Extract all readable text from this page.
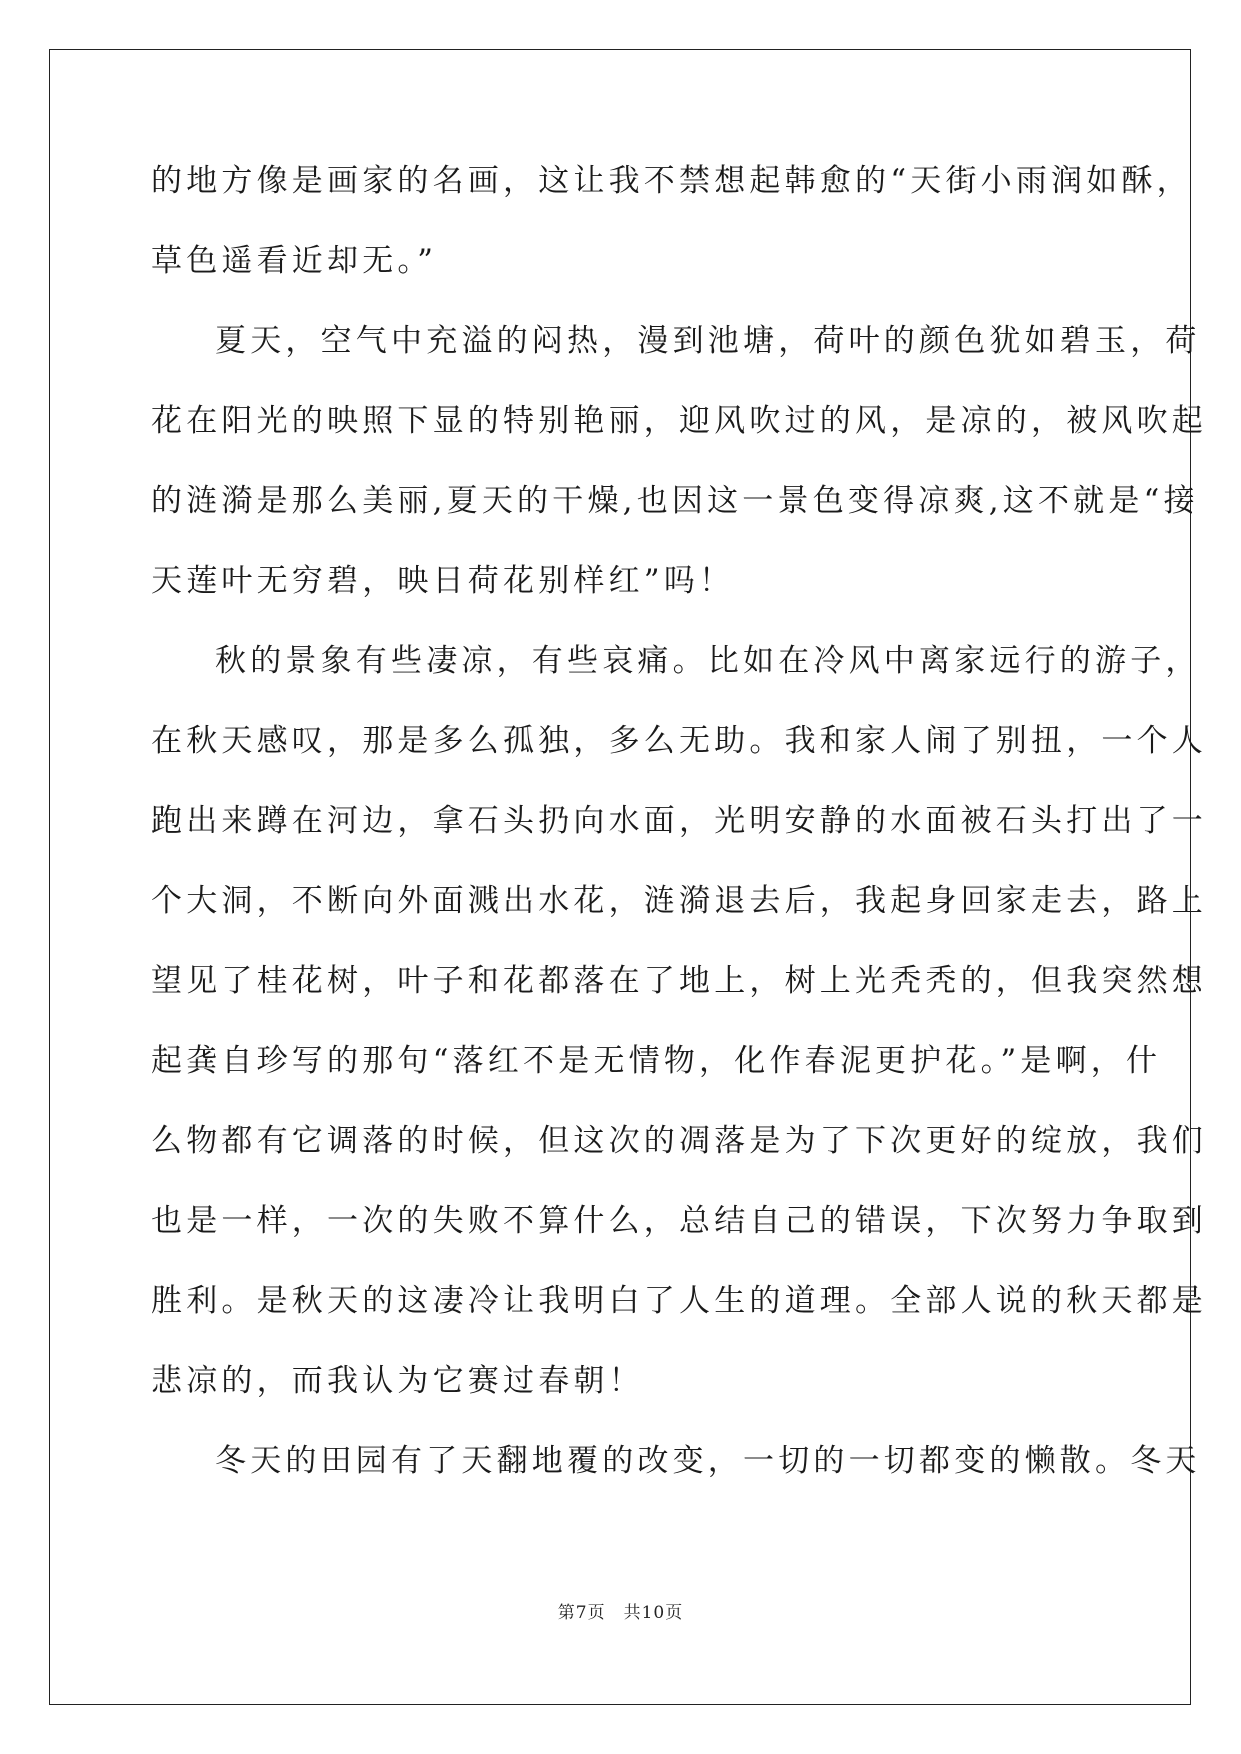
的地方像是画家的名画，这让我不禁想起韩愈的“天街小雨润如酥，
草色遥看近却无。”
夏天，空气中充溢的闷热，漫到池塘，荷叶的颜色犹如碧玉，荷
花在阳光的映照下显的特别艳丽，迎风吹过的风，是凉的，被风吹起
的涟漪是那么美丽,夏天的干燥,也因这一景色变得凉爽,这不就是“接
天莲叶无穷碧，映日荷花别样红”吗！
秋的景象有些凄凉，有些哀痛。比如在冷风中离家远行的游子，
在秋天感叹，那是多么孤独，多么无助。我和家人闹了别扭，一个人
跑出来蹲在河边，拿石头扔向水面，光明安静的水面被石头打出了一
个大洞，不断向外面溅出水花，涟漪退去后，我起身回家走去，路上
望见了桂花树，叶子和花都落在了地上，树上光秃秃的，但我突然想
起龚自珍写的那句“落红不是无情物，化作春泥更护花。”是啊，什
么物都有它调落的时候，但这次的凋落是为了下次更好的绽放，我们
也是一样，一次的失败不算什么，总结自己的错误，下次努力争取到
胜利。是秋天的这凄冷让我明白了人生的道理。全部人说的秋天都是
悲凉的，而我认为它赛过春朝！
冬天的田园有了天翻地覆的改变，一切的一切都变的懒散。冬天
第7页　共10页
